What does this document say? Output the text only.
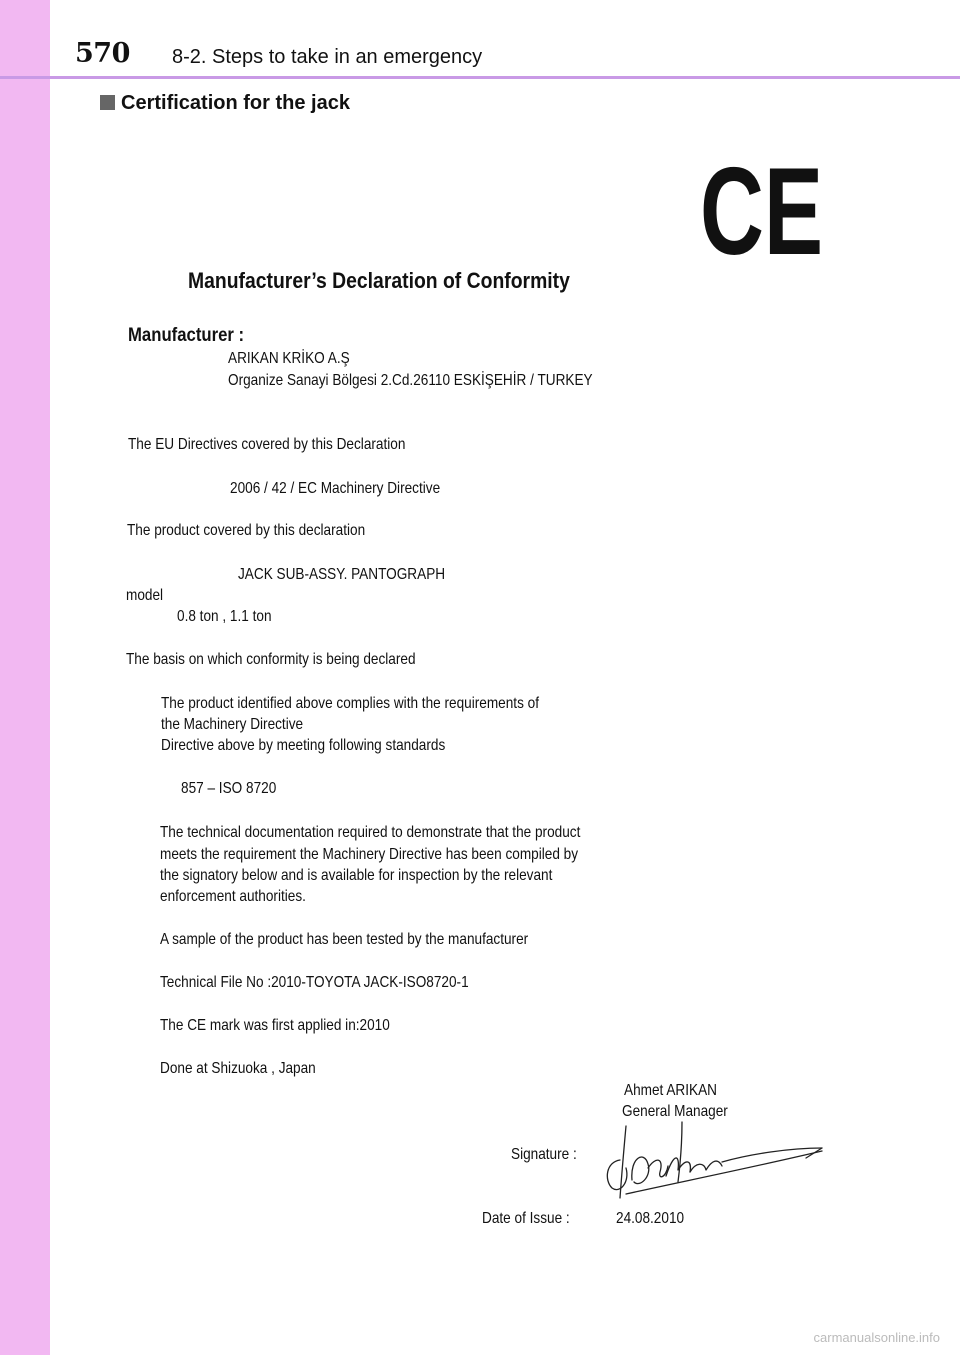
570 8-2. Steps to take in an emergency
Certification for the jack
CE
Manufacturer’s Declaration of Conformity
Manufacturer :
ARIKAN KRİKO A.Ş
Organize Sanayi Bölgesi 2.Cd.26110 ESKİŞEHİR / TURKEY
The EU Directives covered by this Declaration
2006 / 42 / EC Machinery Directive
The product covered by this declaration
JACK SUB-ASSY. PANTOGRAPH
model
0.8 ton , 1.1 ton
The basis on which conformity is being declared
The product identified above complies with the requirements of
the Machinery Directive
Directive above by meeting following standards
857 – ISO 8720
The technical documentation required to demonstrate that the product
meets the requirement the Machinery Directive has been compiled by
the signatory below and is available for inspection by the relevant
enforcement authorities.
A sample of the product has been tested by the manufacturer
Technical File No :2010-TOYOTA JACK-ISO8720-1
The CE mark was first applied in:2010
Done at Shizuoka , Japan
Ahmet ARIKAN
General Manager
Signature :
Date of Issue :	24.08.2010
carmanualsonline.info
